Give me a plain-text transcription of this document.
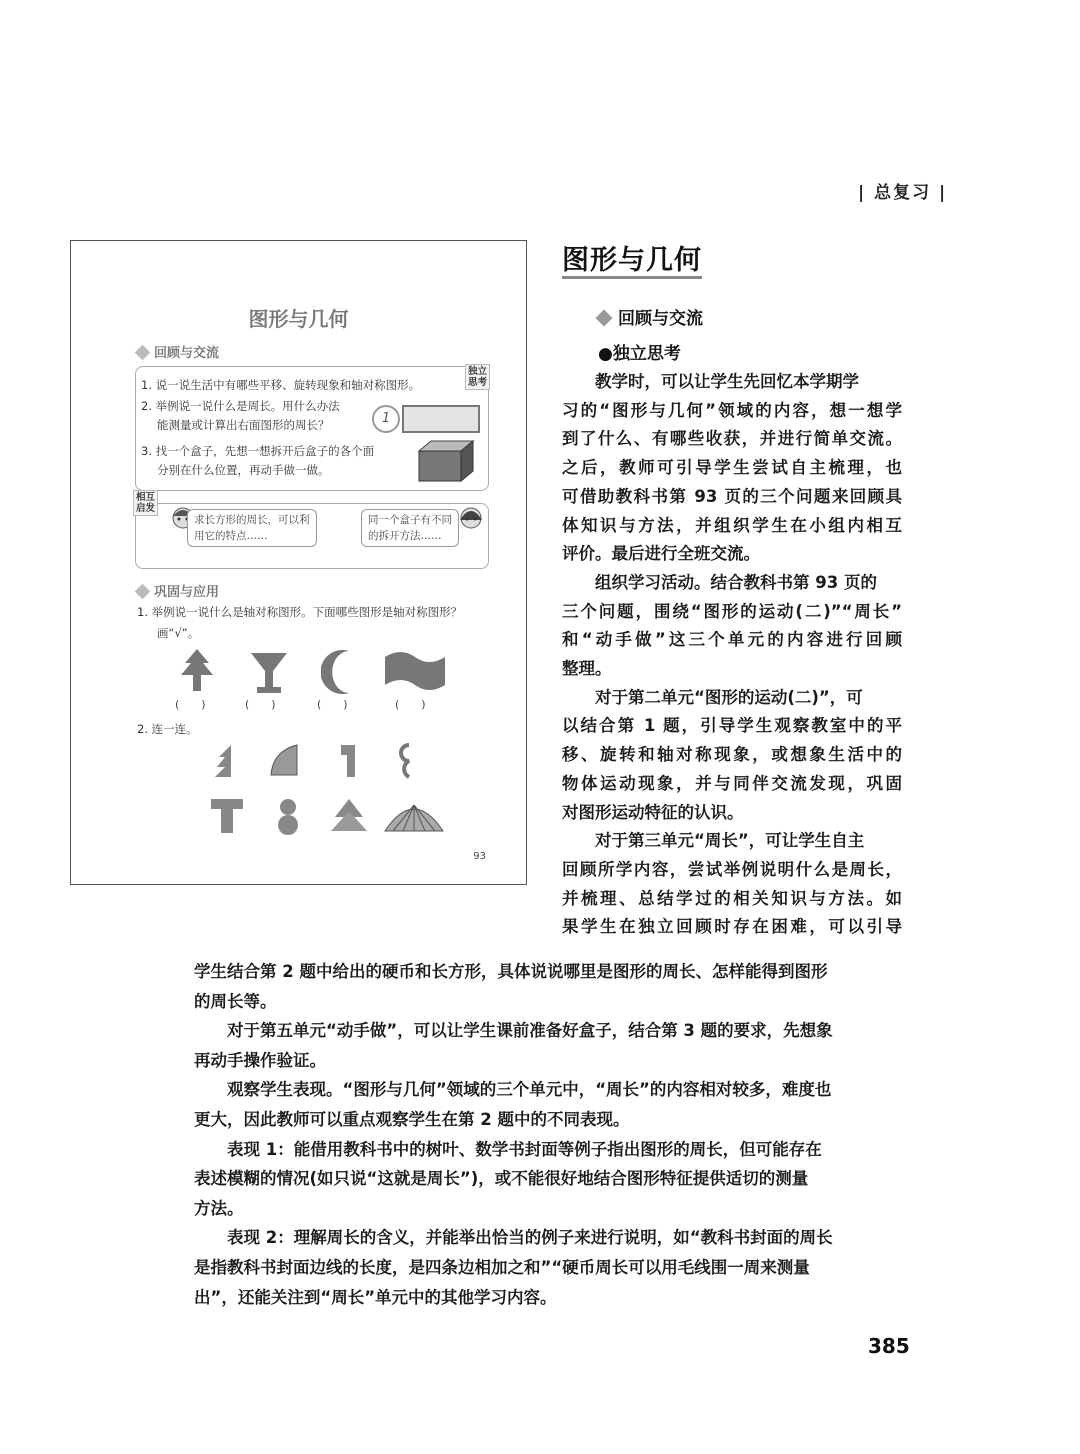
| 总复习 |
图形与几何
回顾与交流
独立
思考
1. 说一说生活中有哪些平移、旋转现象和轴对称图形。
2. 举例说一说什么是周长。用什么办法
能测量或计算出右面图形的周长？	1
3. 找一个盒子，先想一想拆开后盒子的各个面
分别在什么位置，再动手做一做。
相互
启发
求长方形的周长，可以利
用它的特点……
同一个盒子有不同
的拆开方法……
巩固与应用
1. 举例说一说什么是轴对称图形。下面哪些图形是轴对称图形？
画“√”。
(　　)	(　　)	(　　)	(　　)
2. 连一连。
93
图形与几何
回顾与交流
●独立思考
教学时，可以让学生先回忆本学期学
习的“图形与几何”领域的内容，想一想学
到了什么、有哪些收获，并进行简单交流。
之后，教师可引导学生尝试自主梳理，也
可借助教科书第 93 页的三个问题来回顾具
体知识与方法，并组织学生在小组内相互
评价。最后进行全班交流。
组织学习活动。结合教科书第 93 页的
三个问题，围绕“图形的运动(二)”“周长”
和“动手做”这三个单元的内容进行回顾
整理。
对于第二单元“图形的运动(二)”，可
以结合第 1 题，引导学生观察教室中的平
移、旋转和轴对称现象，或想象生活中的
物体运动现象，并与同伴交流发现，巩固
对图形运动特征的认识。
对于第三单元“周长”，可让学生自主
回顾所学内容，尝试举例说明什么是周长，
并梳理、总结学过的相关知识与方法。如
果学生在独立回顾时存在困难，可以引导
学生结合第 2 题中给出的硬币和长方形，具体说说哪里是图形的周长、怎样能得到图形
的周长等。
对于第五单元“动手做”，可以让学生课前准备好盒子，结合第 3 题的要求，先想象
再动手操作验证。
观察学生表现。“图形与几何”领域的三个单元中，“周长”的内容相对较多，难度也
更大，因此教师可以重点观察学生在第 2 题中的不同表现。
表现 1：能借用教科书中的树叶、数学书封面等例子指出图形的周长，但可能存在
表述模糊的情况(如只说“这就是周长”)，或不能很好地结合图形特征提供适切的测量
方法。
表现 2：理解周长的含义，并能举出恰当的例子来进行说明，如“教科书封面的周长
是指教科书封面边线的长度，是四条边相加之和”“硬币周长可以用毛线围一周来测量
出”，还能关注到“周长”单元中的其他学习内容。
385
